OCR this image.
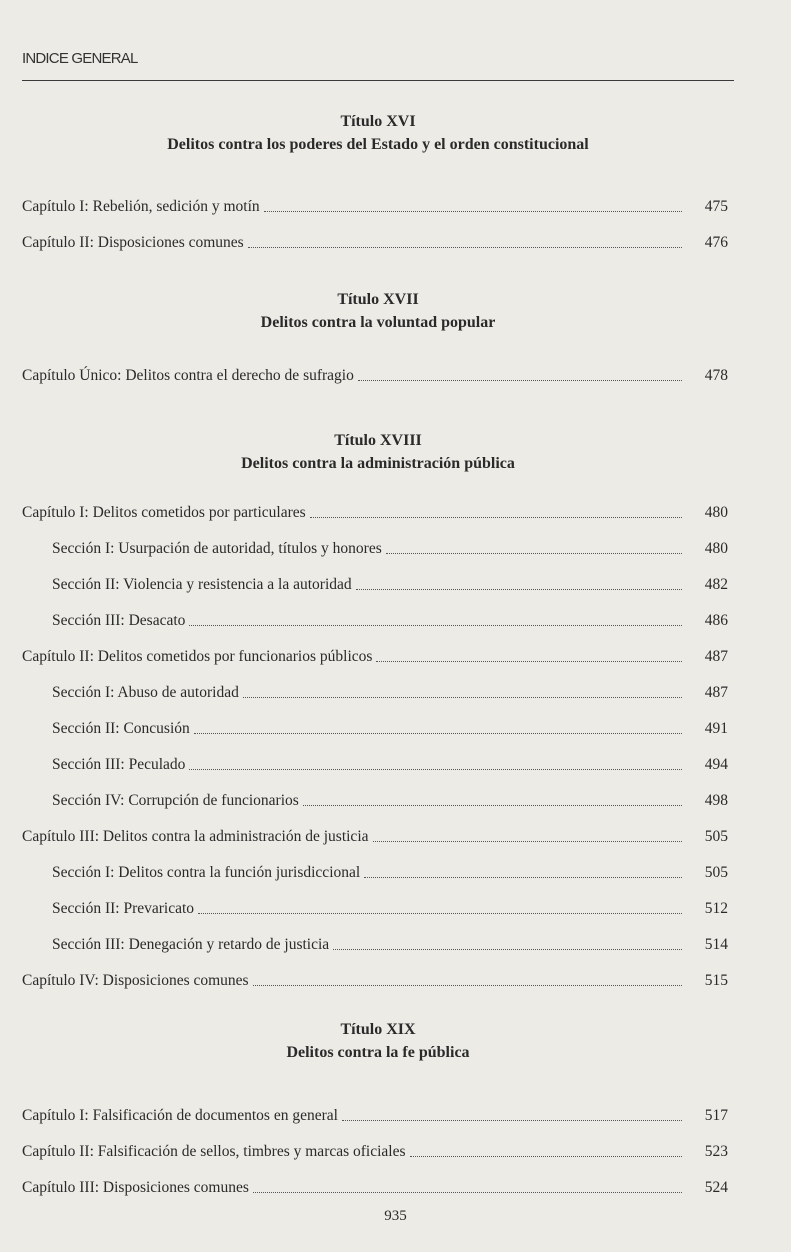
INDICE GENERAL
Título XVI
Delitos contra los poderes del Estado y el orden constitucional
Capítulo I: Rebelión, sedición y motín	475
Capítulo II: Disposiciones comunes	476
Título XVII
Delitos contra la voluntad popular
Capítulo Único: Delitos contra el derecho de sufragio	478
Título XVIII
Delitos contra la administración pública
Capítulo I: Delitos cometidos por particulares	480
Sección I: Usurpación de autoridad, títulos y honores	480
Sección II: Violencia y resistencia a la autoridad	482
Sección III: Desacato	486
Capítulo II: Delitos cometidos por funcionarios públicos	487
Sección I: Abuso de autoridad	487
Sección II: Concusión	491
Sección III: Peculado	494
Sección IV: Corrupción de funcionarios	498
Capítulo III: Delitos contra la administración de justicia	505
Sección I: Delitos contra la función jurisdiccional	505
Sección II: Prevaricato	512
Sección III: Denegación y retardo de justicia	514
Capítulo IV: Disposiciones comunes	515
Título XIX
Delitos contra la fe pública
Capítulo I: Falsificación de documentos en general	517
Capítulo II: Falsificación de sellos, timbres y marcas oficiales	523
Capítulo III: Disposiciones comunes	524
935
